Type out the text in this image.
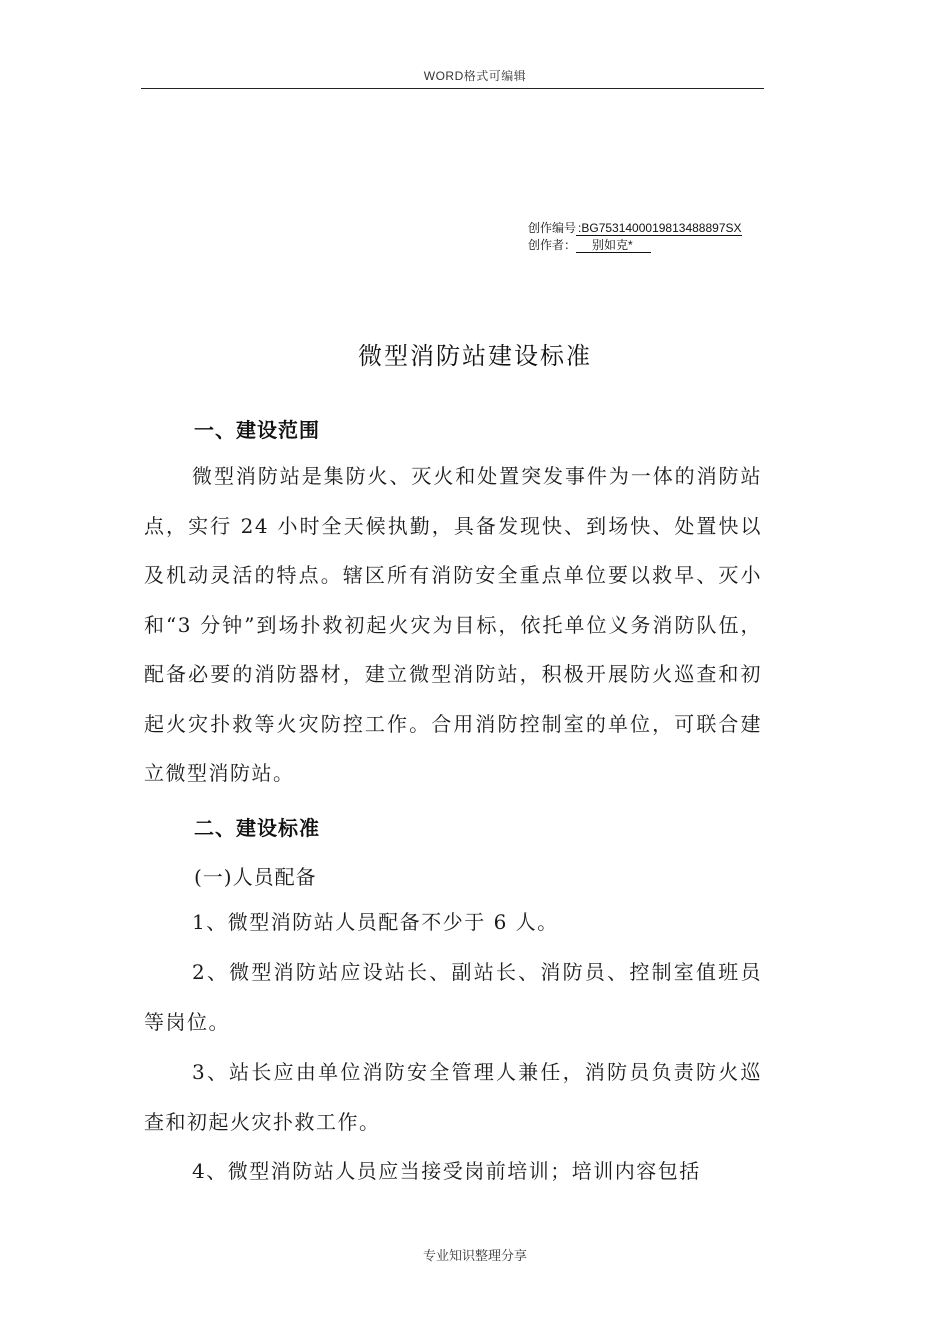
WORD格式可编辑
创作编号 :BG7531400019813488897SX
创作者： 别如克*
微型消防站建设标准
一、建设范围
微型消防站是集防火、灭火和处置突发事件为一体的消防站点，实行 24 小时全天候执勤，具备发现快、到场快、处置快以及机动灵活的特点。辖区所有消防安全重点单位要以救早、灭小和“3 分钟”到场扑救初起火灾为目标，依托单位义务消防队伍，配备必要的消防器材，建立微型消防站，积极开展防火巡查和初起火灾扑救等火灾防控工作。合用消防控制室的单位，可联合建立微型消防站。
二、建设标准
(一)人员配备
1、微型消防站人员配备不少于 6 人。
2、微型消防站应设站长、副站长、消防员、控制室值班员等岗位。
3、站长应由单位消防安全管理人兼任，消防员负责防火巡查和初起火灾扑救工作。
4、微型消防站人员应当接受岗前培训；培训内容包括
专业知识整理分享
